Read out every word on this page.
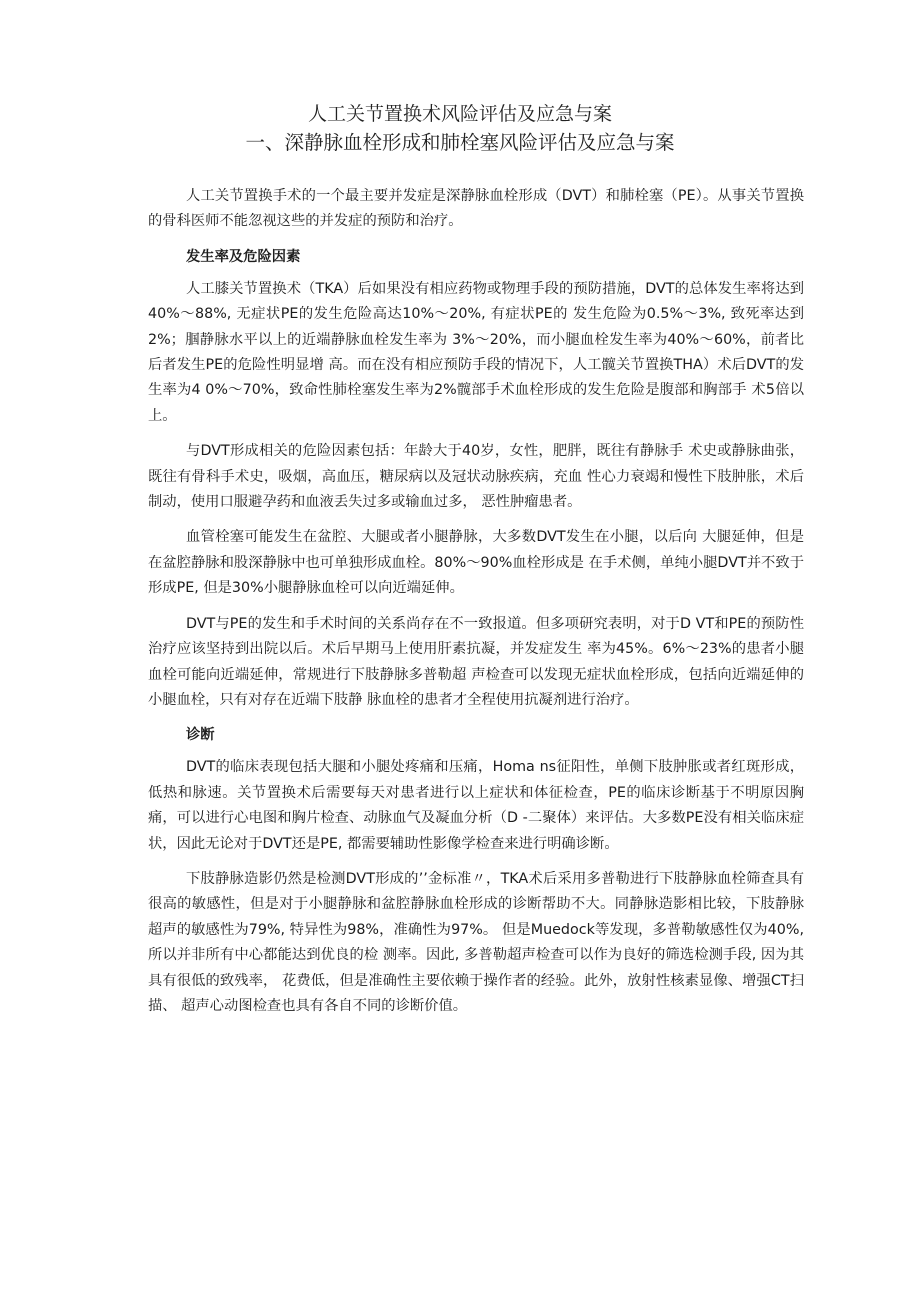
人工关节置换术风险评估及应急与案
一、深静脉血栓形成和肺栓塞风险评估及应急与案

人工关节置换手术的一个最主要并发症是深静脉血栓形成（DVT）和肺栓塞（PE）。从事关节置换的骨科医师不能忽视这些的并发症的预防和治疗。

发生率及危险因素

人工膝关节置换术（TKA）后如果没有相应药物或物理手段的预防措施，DVT的总体发生率将达到40%～88%, 无症状PE的发生危险高达10%～20%, 有症状PE的 发生危险为0.5%～3%, 致死率达到2%；腘静脉水平以上的近端静脉血栓发生率为 3%～20%，而小腿血栓发生率为40%～60%，前者比后者发生PE的危险性明显增 高。而在没有相应预防手段的情况下，人工髋关节置换THA）术后DVT的发生率为4 0%～70%，致命性肺栓塞发生率为2%髋部手术血栓形成的发生危险是腹部和胸部手 术5倍以上。

与DVT形成相关的危险因素包括：年龄大于40岁，女性，肥胖，既往有静脉手 术史或静脉曲张，既往有骨科手术史，吸烟，高血压，糖尿病以及冠状动脉疾病，充血 性心力衰竭和慢性下肢肿胀，术后制动，使用口服避孕药和血液丢失过多或输血过多， 恶性肿瘤患者。

血管栓塞可能发生在盆腔、大腿或者小腿静脉，大多数DVT发生在小腿，以后向 大腿延伸，但是在盆腔静脉和股深静脉中也可单独形成血栓。80%～90%血栓形成是 在手术侧，单纯小腿DVT并不致于形成PE, 但是30%小腿静脉血栓可以向近端延伸。

DVT与PE的发生和手术时间的关系尚存在不一致报道。但多项研究表明，对于D VT和PE的预防性治疗应该坚持到出院以后。术后早期马上使用肝素抗凝，并发症发生 率为45%。6%～23%的患者小腿血栓可能向近端延伸，常规进行下肢静脉多普勒超 声检查可以发现无症状血栓形成，包括向近端延伸的小腿血栓，只有对存在近端下肢静 脉血栓的患者才全程使用抗凝剂进行治疗。

诊断

DVT的临床表现包括大腿和小腿处疼痛和压痛，Homa ns征阳性，单侧下肢肿胀或者红斑形成，低热和脉速。关节置换术后需要每天对患者进行以上症状和体征检查，PE的临床诊断基于不明原因胸痛，可以进行心电图和胸片检查、动脉血气及凝血分析（D -二聚体）来评估。大多数PE没有相关临床症状，因此无论对于DVT还是PE, 都需要辅助性影像学检查来进行明确诊断。

下肢静脉造影仍然是检测DVT形成的’’金标准〃，TKA术后采用多普勒进行下肢静脉血栓筛查具有很高的敏感性，但是对于小腿静脉和盆腔静脉血栓形成的诊断帮助不大。同静脉造影相比较，下肢静脉超声的敏感性为79%, 特异性为98%，准确性为97%。 但是Muedock等发现，多普勒敏感性仅为40%,所以并非所有中心都能达到优良的检 测率。因此, 多普勒超声检查可以作为良好的筛选检测手段, 因为其具有很低的致残率， 花费低，但是准确性主要依赖于操作者的经验。此外，放射性核素显像、增强CT扫描、 超声心动图检查也具有各自不同的诊断价值。
